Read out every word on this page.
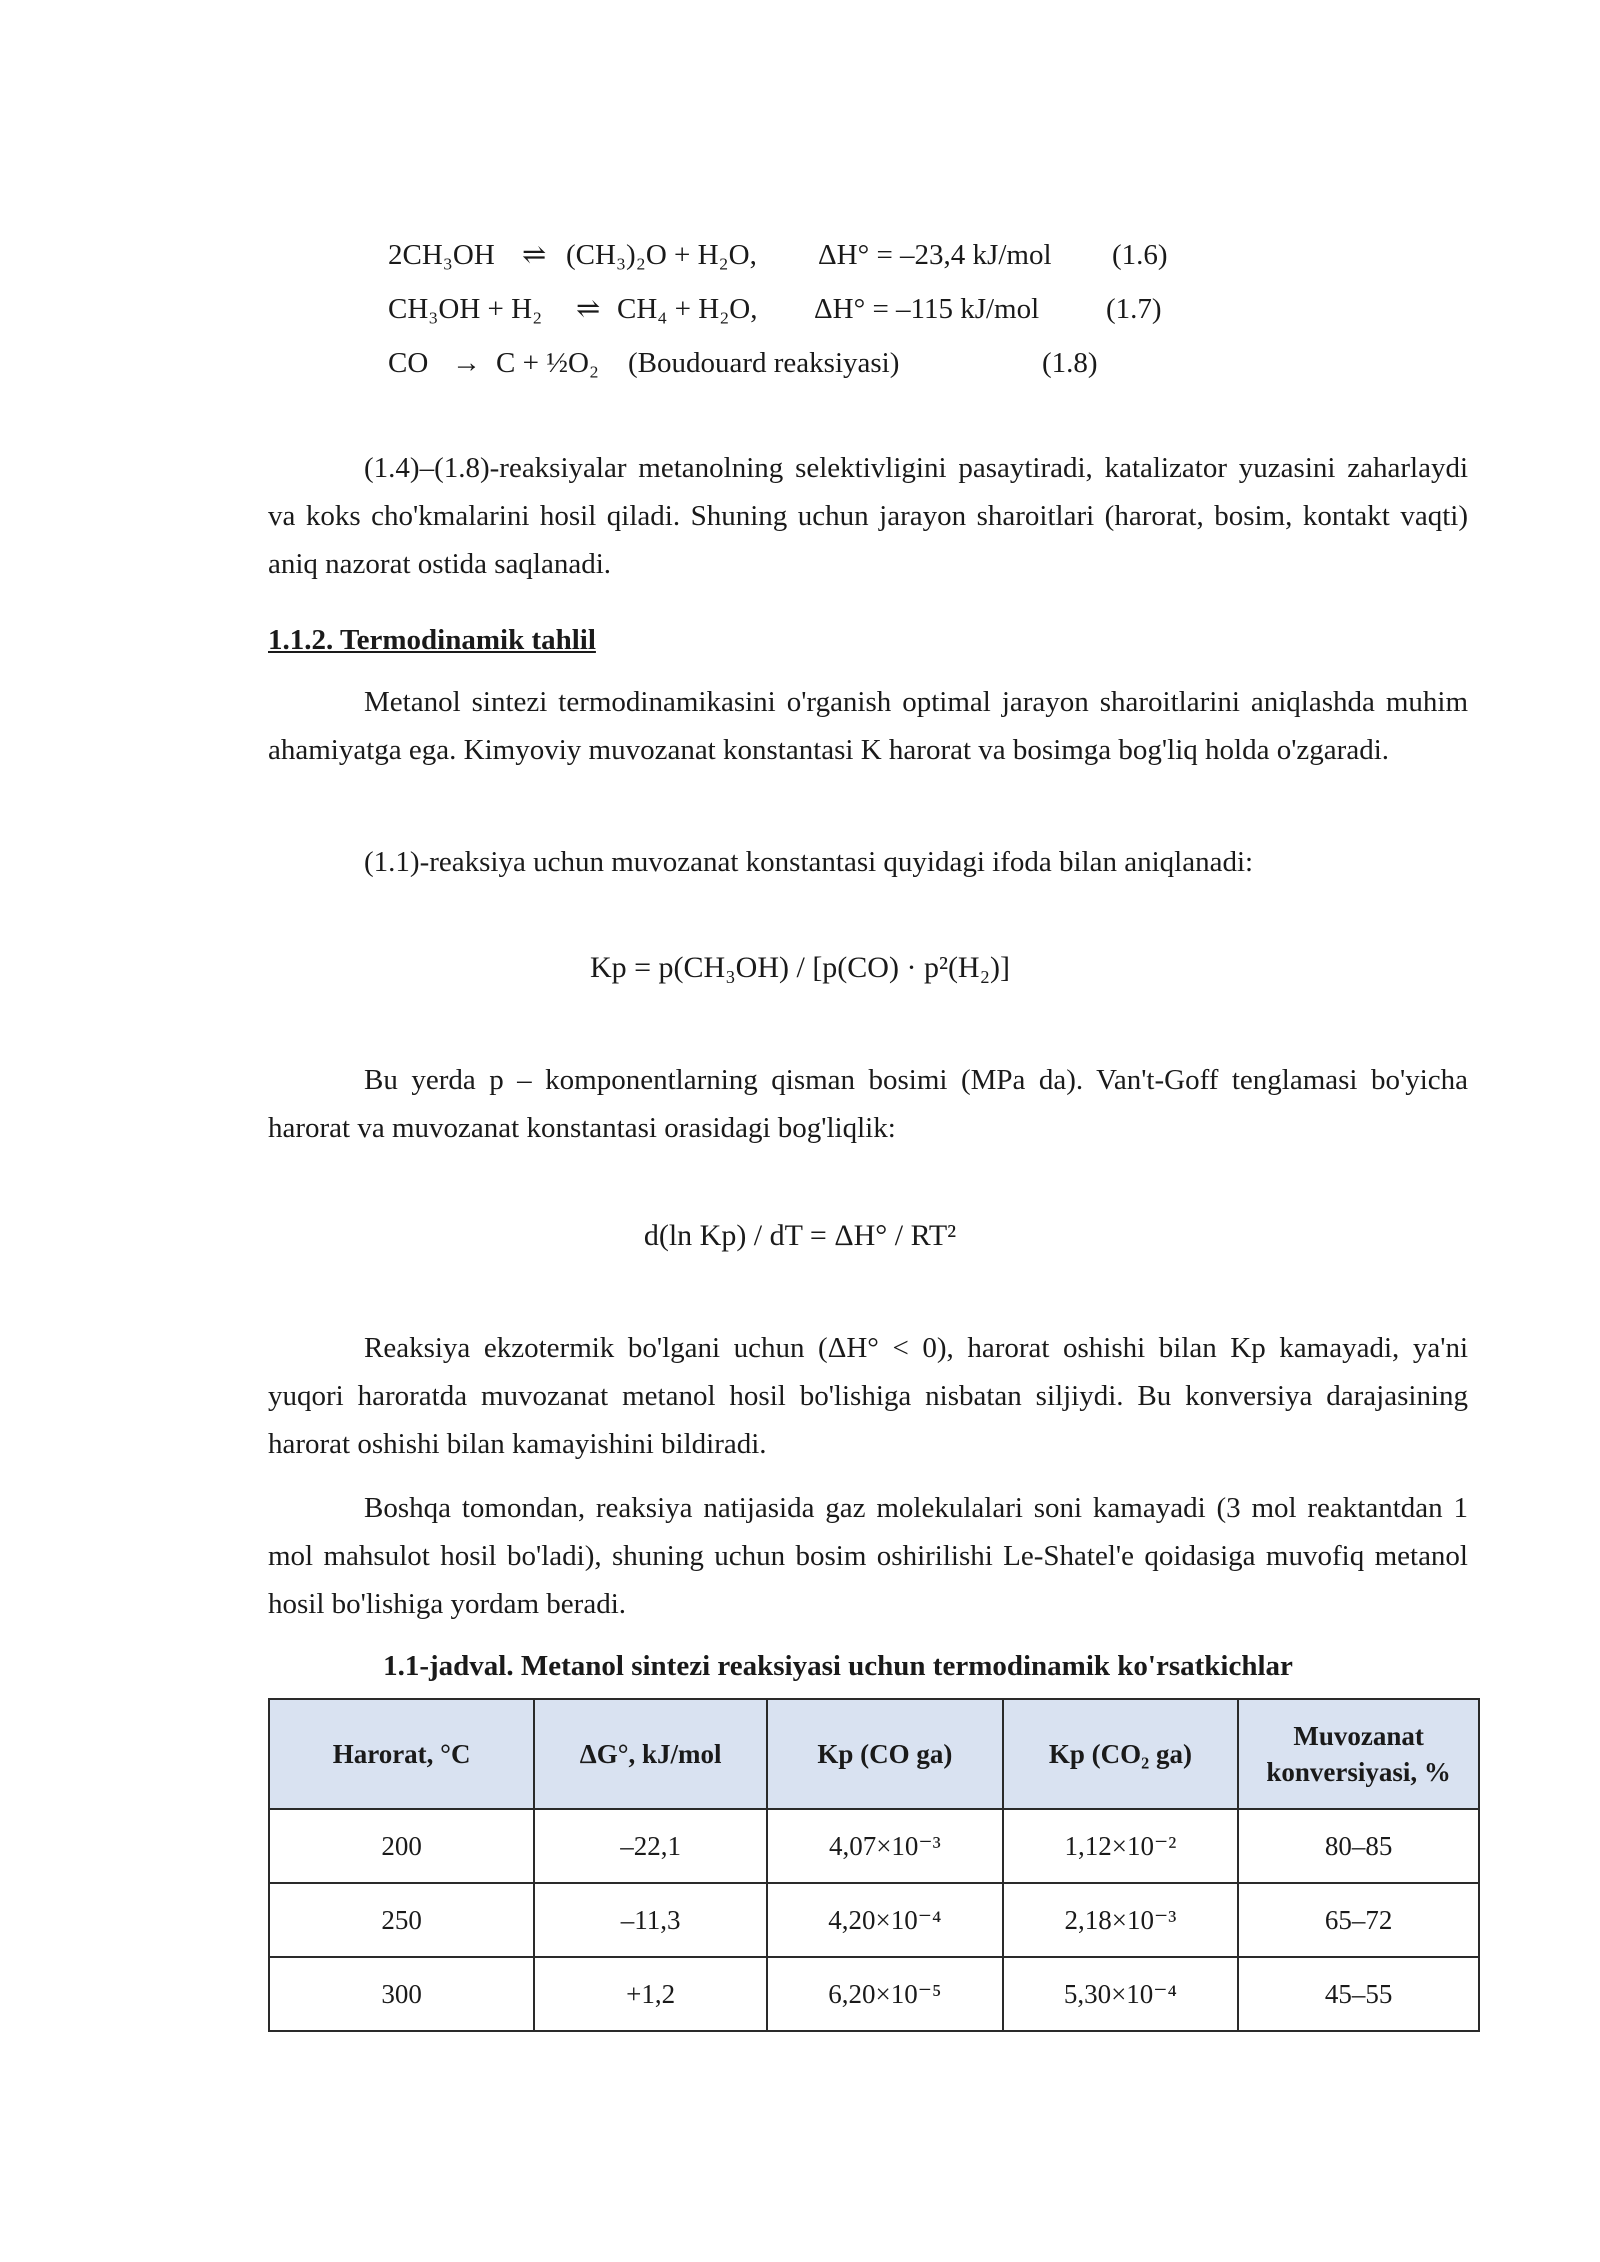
2CH₃OH ⇌ (CH₃)₂O + H₂O, ΔH° = –23,4 kJ/mol (1.6)
CH₃OH + H₂ ⇌ CH₄ + H₂O, ΔH° = –115 kJ/mol (1.7)
CO → C + ½O₂ (Boudouard reaksiyasi)	(1.8)

(1.4)–(1.8)-reaksiyalar metanolning selektivligini pasaytiradi, katalizator yuzasini zaharlaydi va koks cho'kmalarini hosil qiladi. Shuning uchun jarayon sharoitlari (harorat, bosim, kontakt vaqti) aniq nazorat ostida saqlanadi.

1.1.2. Termodinamik tahlil

Metanol sintezi termodinamikasini o'rganish optimal jarayon sharoitlarini aniqlashda muhim ahamiyatga ega. Kimyoviy muvozanat konstantasi K harorat va bosimga bog'liq holda o'zgaradi.

(1.1)-reaksiya uchun muvozanat konstantasi quyidagi ifoda bilan aniqlanadi:

Kp = p(CH₃OH) / [p(CO) · p²(H₂)]

Bu yerda p – komponentlarning qisman bosimi (MPa da). Van't-Goff tenglamasi bo'yicha harorat va muvozanat konstantasi orasidagi bog'liqlik:

d(ln Kp) / dT = ΔH° / RT²

Reaksiya ekzotermik bo'lgani uchun (ΔH° < 0), harorat oshishi bilan Kp kamayadi, ya'ni yuqori haroratda muvozanat metanol hosil bo'lishiga nisbatan siljiydi. Bu konversiya darajasining harorat oshishi bilan kamayishini bildiradi.

Boshqa tomondan, reaksiya natijasida gaz molekulalari soni kamayadi (3 mol reaktantdan 1 mol mahsulot hosil bo'ladi), shuning uchun bosim oshirilishi Le-Shatel'e qoidasiga muvofiq metanol hosil bo'lishiga yordam beradi.

1.1-jadval. Metanol sintezi reaksiyasi uchun termodinamik ko'rsatkichlar
Harorat, °C	ΔG°, kJ/mol	Kp (CO ga)	Kp (CO₂ ga)	Muvozanat konversiyasi, %
200	–22,1	4,07×10⁻³	1,12×10⁻²	80–85
250	–11,3	4,20×10⁻⁴	2,18×10⁻³	65–72
300	+1,2	6,20×10⁻⁵	5,30×10⁻⁴	45–55
